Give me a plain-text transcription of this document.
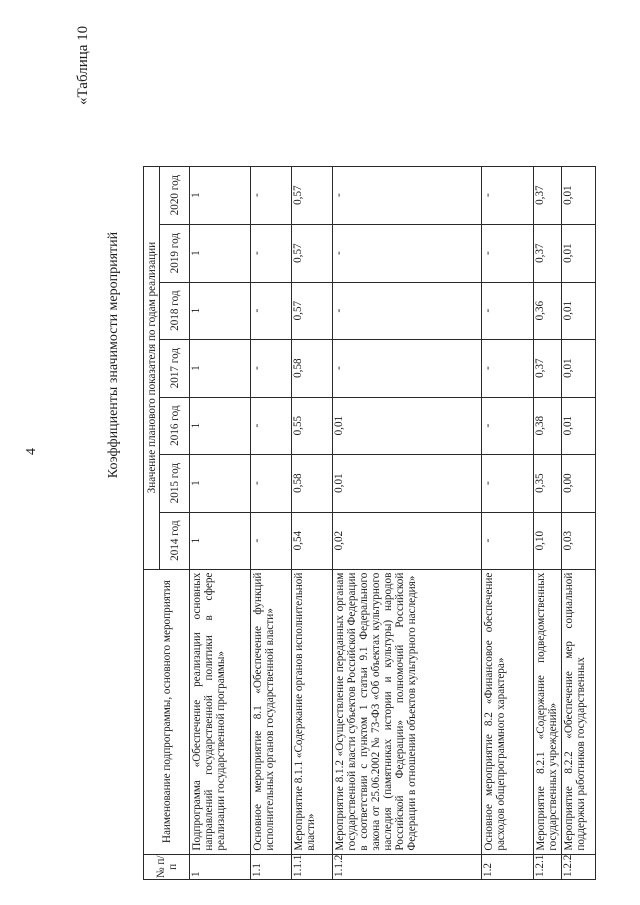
4
«Таблица 10
Коэффициенты значимости мероприятий
№ п/п	Наименование подпрограммы, основного мероприятия	Значение планового показателя по годам реализации						
		2014 год	2015 год	2016 год	2017 год	2018 год	2019 год	2020 год
1	Подпрограмма «Обеспечение реализации основных направлений государственной политики в сфере реализации государственной программы»	1	1	1	1	1	1	1
1.1	Основное мероприятие 8.1 «Обеспечение функций исполнительных органов государственной власти»	-	-	-	-	-	-	-
1.1.1	Мероприятие 8.1.1 «Содержание органов исполнительной власти»	0,54	0,58	0,55	0,58	0,57	0,57	0,57
1.1.2	Мероприятие 8.1.2 «Осуществление переданных органам государственной власти субъектов Российской Федерации в соответствии с пунктом 1 статьи 9.1 Федерального закона от 25.06.2002 № 73-ФЗ «Об объектах культурного наследия (памятниках истории и культуры) народов Российской Федерации» полномочий Российской Федерации в отношении объектов культурного наследия»	0,02	0,01	0,01	-	-	-	-
1.2	Основное мероприятие 8.2 «Финансовое обеспечение расходов общепрограммного характера»	-	-	-	-	-	-	-
1.2.1	Мероприятие 8.2.1 «Содержание подведомственных государственных учреждений»	0,10	0,35	0,38	0,37	0,36	0,37	0,37
1.2.2	Мероприятие 8.2.2 «Обеспечение мер социальной поддержки работников государственных	0,03	0,00	0,01	0,01	0,01	0,01	0,01
